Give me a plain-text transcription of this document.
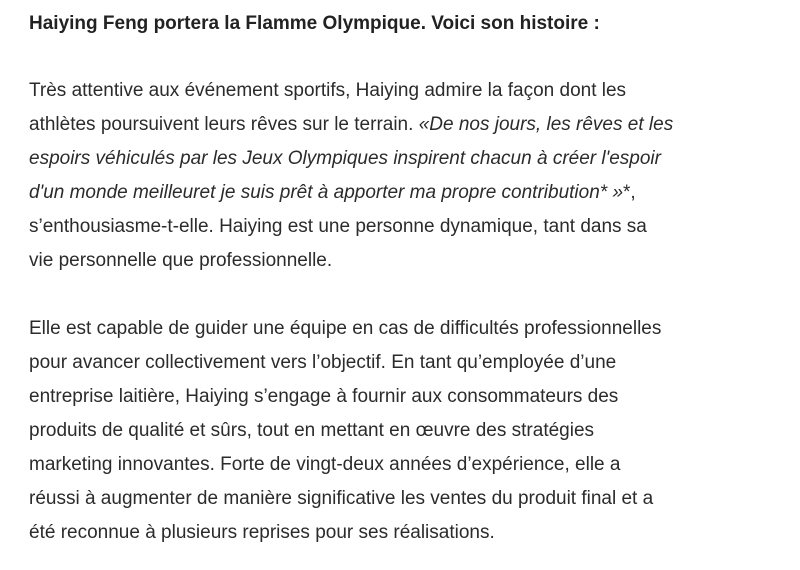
Haiying Feng portera la Flamme Olympique. Voici son histoire :

Très attentive aux événement sportifs, Haiying admire la façon dont les
athlètes poursuivent leurs rêves sur le terrain. «De nos jours, les rêves et les
espoirs véhiculés par les Jeux Olympiques inspirent chacun à créer l'espoir
d'un monde meilleuret je suis prêt à apporter ma propre contribution* »*,
s’enthousiasme-t-elle. Haiying est une personne dynamique, tant dans sa
vie personnelle que professionnelle.

Elle est capable de guider une équipe en cas de difficultés professionnelles
pour avancer collectivement vers l’objectif. En tant qu’employée d’une
entreprise laitière, Haiying s’engage à fournir aux consommateurs des
produits de qualité et sûrs, tout en mettant en œuvre des stratégies
marketing innovantes. Forte de vingt-deux années d’expérience, elle a
réussi à augmenter de manière significative les ventes du produit final et a
été reconnue à plusieurs reprises pour ses réalisations.
